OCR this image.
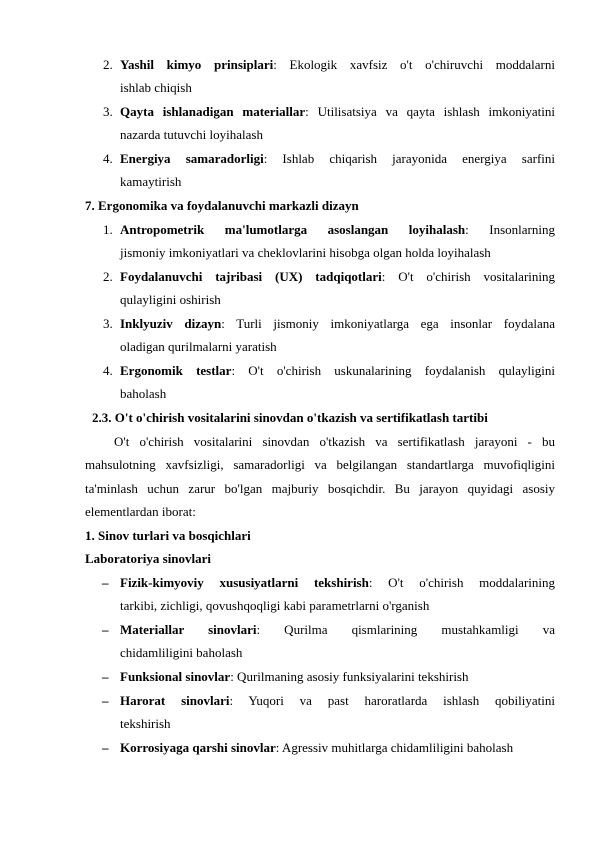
2. Yashil kimyo prinsiplari: Ekologik xavfsiz o't o'chiruvchi moddalarni
ishlab chiqish
3. Qayta ishlanadigan materiallar: Utilisatsiya va qayta ishlash imkoniyatini
nazarda tutuvchi loyihalash
4. Energiya samaradorligi: Ishlab chiqarish jarayonida energiya sarfini
kamaytirish
7. Ergonomika va foydalanuvchi markazli dizayn
1. Antropometrik ma'lumotlarga asoslangan loyihalash: Insonlarning
jismoniy imkoniyatlari va cheklovlarini hisobga olgan holda loyihalash
2. Foydalanuvchi tajribasi (UX) tadqiqotlari: O't o'chirish vositalarining
qulayligini oshirish
3. Inklyuziv dizayn: Turli jismoniy imkoniyatlarga ega insonlar foydalana
oladigan qurilmalarni yaratish
4. Ergonomik testlar: O't o'chirish uskunalarining foydalanish qulayligini
baholash
2.3. O't o'chirish vositalarini sinovdan o'tkazish va sertifikatlash tartibi
O't o'chirish vositalarini sinovdan o'tkazish va sertifikatlash jarayoni - bu
mahsulotning xavfsizligi, samaradorligi va belgilangan standartlarga muvofiqligini
ta'minlash uchun zarur bo'lgan majburiy bosqichdir. Bu jarayon quyidagi asosiy
elementlardan iborat:
1. Sinov turlari va bosqichlari
Laboratoriya sinovlari
– Fizik-kimyoviy xususiyatlarni tekshirish: O't o'chirish moddalarining
tarkibi, zichligi, qovushqoqligi kabi parametrlarni o'rganish
– Materiallar sinovlari: Qurilma qismlarining mustahkamligi va
chidamliligini baholash
– Funksional sinovlar: Qurilmaning asosiy funksiyalarini tekshirish
– Harorat sinovlari: Yuqori va past haroratlarda ishlash qobiliyatini
tekshirish
– Korrosiyaga qarshi sinovlar: Agressiv muhitlarga chidamliligini baholash
